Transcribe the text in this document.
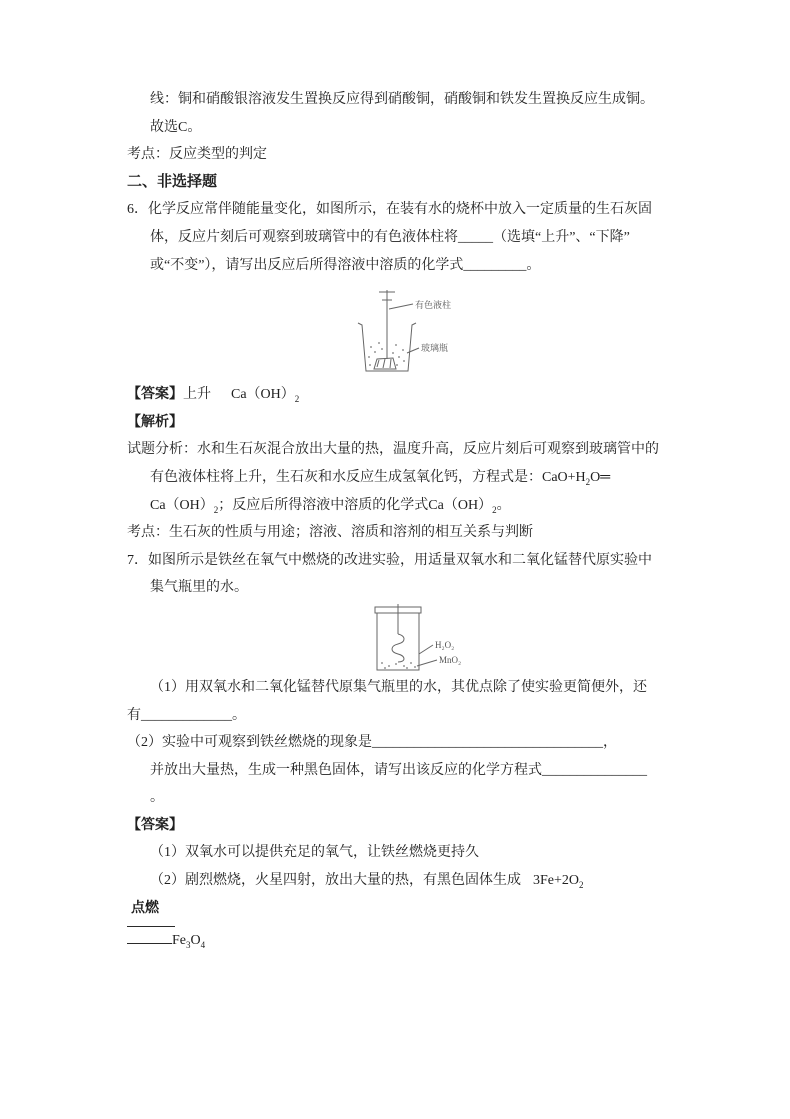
线：铜和硝酸银溶液发生置换反应得到硝酸铜，硝酸铜和铁发生置换反应生成铜。
故选C。
考点：反应类型的判定
二、非选择题
6．化学反应常伴随能量变化，如图所示，在装有水的烧杯中放入一定质量的生石灰固
体，反应片刻后可观察到玻璃管中的有色液体柱将_____（选填“上升”、“下降”
或“不变”），请写出反应后所得溶液中溶质的化学式_________。
有色液柱
玻璃瓶
【答案】上升 $Ca(OH)_2$
【解析】
试题分析：水和生石灰混合放出大量的热，温度升高，反应片刻后可观察到玻璃管中的
有色液体柱将上升，生石灰和水反应生成氢氧化钙，方程式是：$CaO+H_2O═$
$Ca(OH)_2$；反应后所得溶液中溶质的化学式$Ca(OH)_2$。
考点：生石灰的性质与用途；溶液、溶质和溶剂的相互关系与判断
7．如图所示是铁丝在氧气中燃烧的改进实验，用适量双氧水和二氧化锰替代原实验中
集气瓶里的水。
H₂O₂
MnO₂
（1）用双氧水和二氧化锰替代原集气瓶里的水，其优点除了使实验更简便外，还
有_____________。
（2）实验中可观察到铁丝燃烧的现象是_________________________________，
并放出大量热，生成一种黑色固体，请写出该反应的化学方程式_______________
。
【答案】
（1）双氧水可以提供充足的氧气，让铁丝燃烧更持久
（2）剧烈燃烧，火星四射，放出大量的热，有黑色固体生成 $3Fe+2O_2$
点燃
$Fe_3O_4$
